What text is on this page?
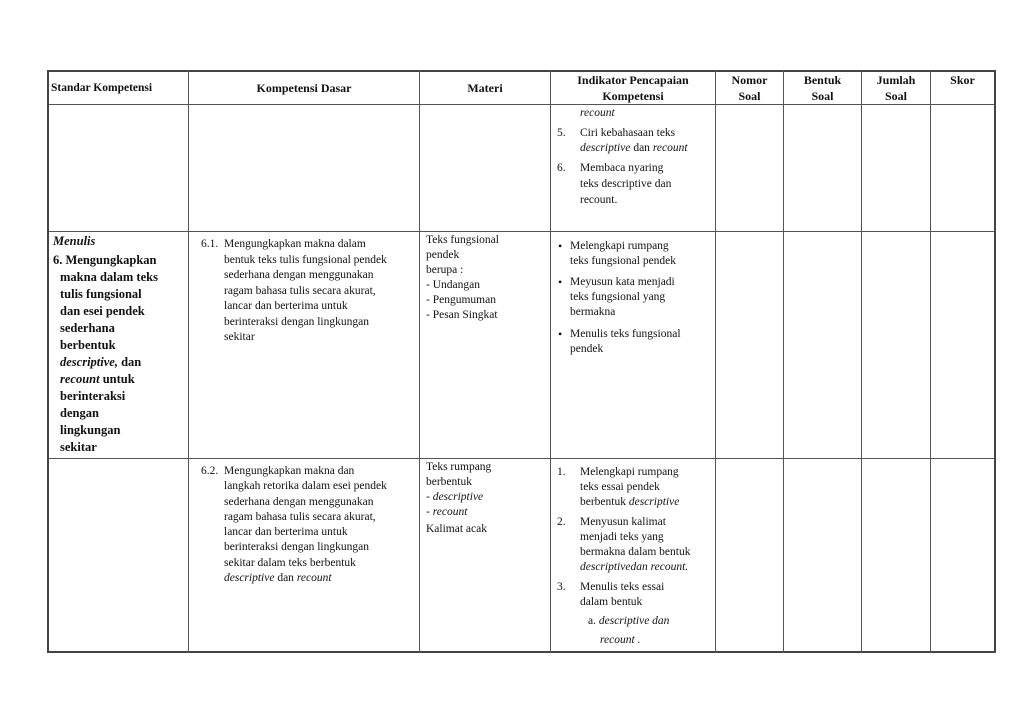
Standar Kompetensi	Kompetensi Dasar	Materi
Indikator Pencapaian
Kompetensi
Nomor
Soal
Bentuk
Soal
Jumlah
Soal
Skor
recount
5. Ciri kebahasaan teks
descriptive dan recount
6. Membaca nyaring
teks descriptive dan
recount.

Menulis

6. Mengungkapkan

makna dalam teks

tulis fungsional

dan esei pendek

sederhana

berbentuk

descriptive, dan

recount untuk

berinteraksi

dengan

lingkungan

sekitar

6.1. Mengungkapkan makna dalam
bentuk teks tulis fungsional pendek
sederhana dengan menggunakan
ragam bahasa tulis secara akurat,
lancar dan berterima untuk
berinteraksi dengan lingkungan
sekitar
Teks fungsional
pendek
berupa :
- Undangan
- Pengumuman
- Pesan Singkat
• Melengkapi rumpang
teks fungsional pendek
• Meyusun kata menjadi
teks fungsional yang
bermakna
• Menulis teks fungsional
pendek
6.2. Mengungkapkan makna dan
langkah retorika dalam esei pendek
sederhana dengan menggunakan
ragam bahasa tulis secara akurat,
lancar dan berterima untuk
berinteraksi dengan lingkungan
sekitar dalam teks berbentuk
descriptive dan recount
Teks rumpang
berbentuk
- descriptive
- recount
Kalimat acak
1. Melengkapi rumpang
teks essai pendek
berbentuk descriptive
2. Menyusun kalimat
menjadi teks yang
bermakna dalam bentuk
descriptivedan recount.
3. Menulis teks essai
dalam bentuk
a. descriptive dan
recount .
